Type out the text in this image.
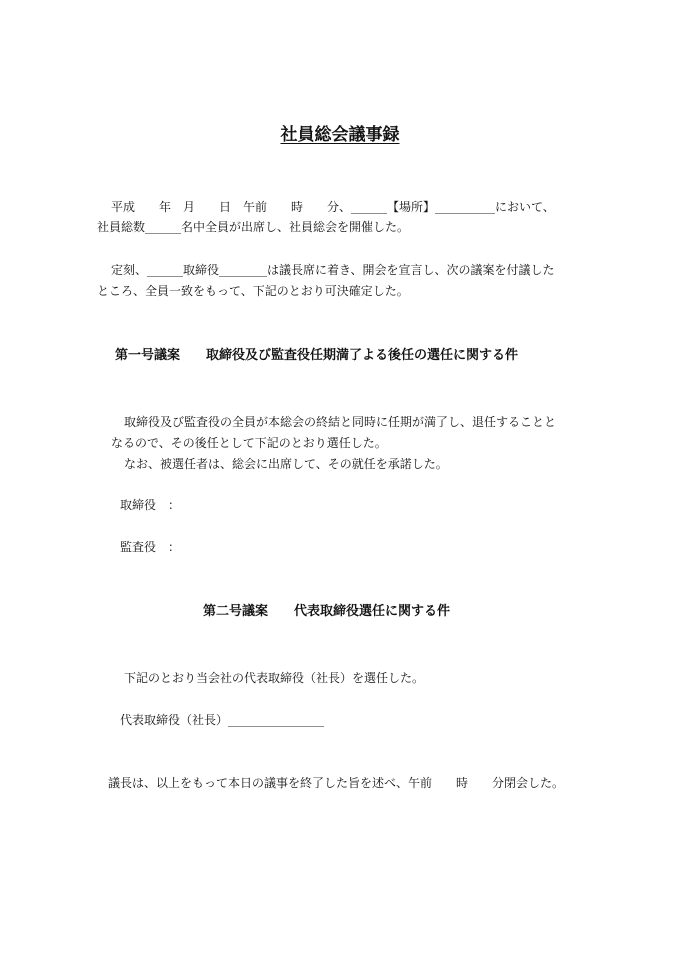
社員総会議事録
平成　　年　月　　日　午前　　時　　分、______【場所】__________において、
社員総数______名中全員が出席し、社員総会を開催した。
定刻、______取締役________は議長席に着き、開会を宣言し、次の議案を付議した
ところ、全員一致をもって、下記のとおり可決確定した。
第一号議案　　取締役及び監査役任期満了よる後任の選任に関する件
取締役及び監査役の全員が本総会の終結と同時に任期が満了し、退任することと
なるので、その後任として下記のとおり選任した。
なお、被選任者は、総会に出席して、その就任を承諾した。
取締役　：
監査役　：
第二号議案　　代表取締役選任に関する件
下記のとおり当会社の代表取締役（社長）を選任した。
代表取締役（社長）________________
議長は、以上をもって本日の議事を終了した旨を述べ、午前　　時　　分閉会した。
